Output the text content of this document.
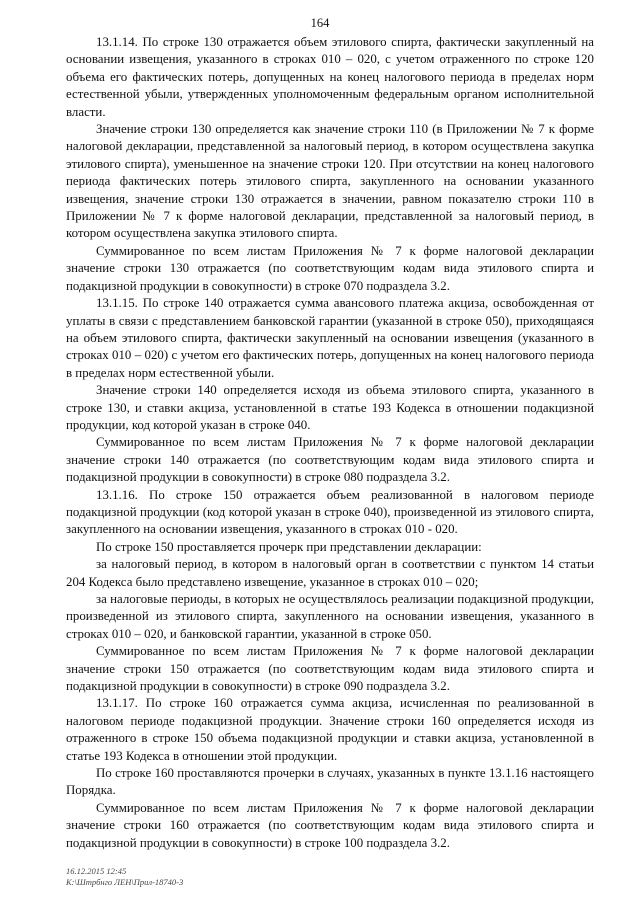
164

13.1.14. По строке 130 отражается объем этилового спирта, фактически закупленный на основании извещения, указанного в строках 010 – 020, с учетом отраженного по строке 120 объема его фактических потерь, допущенных на конец налогового периода в пределах норм естественной убыли, утвержденных уполномоченным федеральным органом исполнительной власти.

Значение строки 130 определяется как значение строки 110 (в Приложении № 7 к форме налоговой декларации, представленной за налоговый период, в котором осуществлена закупка этилового спирта), уменьшенное на значение строки 120. При отсутствии на конец налогового периода фактических потерь этилового спирта, закупленного на основании указанного извещения, значение строки 130 отражается в значении, равном показателю строки 110 в Приложении № 7 к форме налоговой декларации, представленной за налоговый период, в котором осуществлена закупка этилового спирта.

Суммированное по всем листам Приложения № 7 к форме налоговой декларации значение строки 130 отражается (по соответствующим кодам вида этилового спирта и подакцизной продукции в совокупности) в строке 070 подраздела 3.2.

13.1.15. По строке 140 отражается сумма авансового платежа акциза, освобожденная от уплаты в связи с представлением банковской гарантии (указанной в строке 050), приходящаяся на объем этилового спирта, фактически закупленный на основании извещения (указанного в строках 010 – 020) с учетом его фактических потерь, допущенных на конец налогового периода в пределах норм естественной убыли.

Значение строки 140 определяется исходя из объема этилового спирта, указанного в строке 130, и ставки акциза, установленной в статье 193 Кодекса в отношении подакцизной продукции, код которой указан в строке 040.

Суммированное по всем листам Приложения № 7 к форме налоговой декларации значение строки 140 отражается (по соответствующим кодам вида этилового спирта и подакцизной продукции в совокупности) в строке 080 подраздела 3.2.

13.1.16. По строке 150 отражается объем реализованной в налоговом периоде подакцизной продукции (код которой указан в строке 040), произведенной из этилового спирта, закупленного на основании извещения, указанного в строках 010 - 020.

По строке 150 проставляется прочерк при представлении декларации:

за налоговый период, в котором в налоговый орган в соответствии с пунктом 14 статьи 204 Кодекса было представлено извещение, указанное в строках 010 – 020;

за налоговые периоды, в которых не осуществлялось реализации подакцизной продукции, произведенной из этилового спирта, закупленного на основании извещения, указанного в строках 010 – 020, и банковской гарантии, указанной в строке 050.

Суммированное по всем листам Приложения № 7 к форме налоговой декларации значение строки 150 отражается (по соответствующим кодам вида этилового спирта и подакцизной продукции в совокупности) в строке 090 подраздела 3.2.

13.1.17. По строке 160 отражается сумма акциза, исчисленная по реализованной в налоговом периоде подакцизной продукции. Значение строки 160 определяется исходя из отраженного в строке 150 объема подакцизной продукции и ставки акциза, установленной в статье 193 Кодекса в отношении этой продукции.

По строке 160 проставляются прочерки в случаях, указанных в пункте 13.1.16 настоящего Порядка.

Суммированное по всем листам Приложения № 7 к форме налоговой декларации значение строки 160 отражается (по соответствующим кодам вида этилового спирта и подакцизной продукции в совокупности) в строке 100 подраздела 3.2.

16.12.2015 12:45
К:\Штрбнго ЛЕН\Прил-18740-3
